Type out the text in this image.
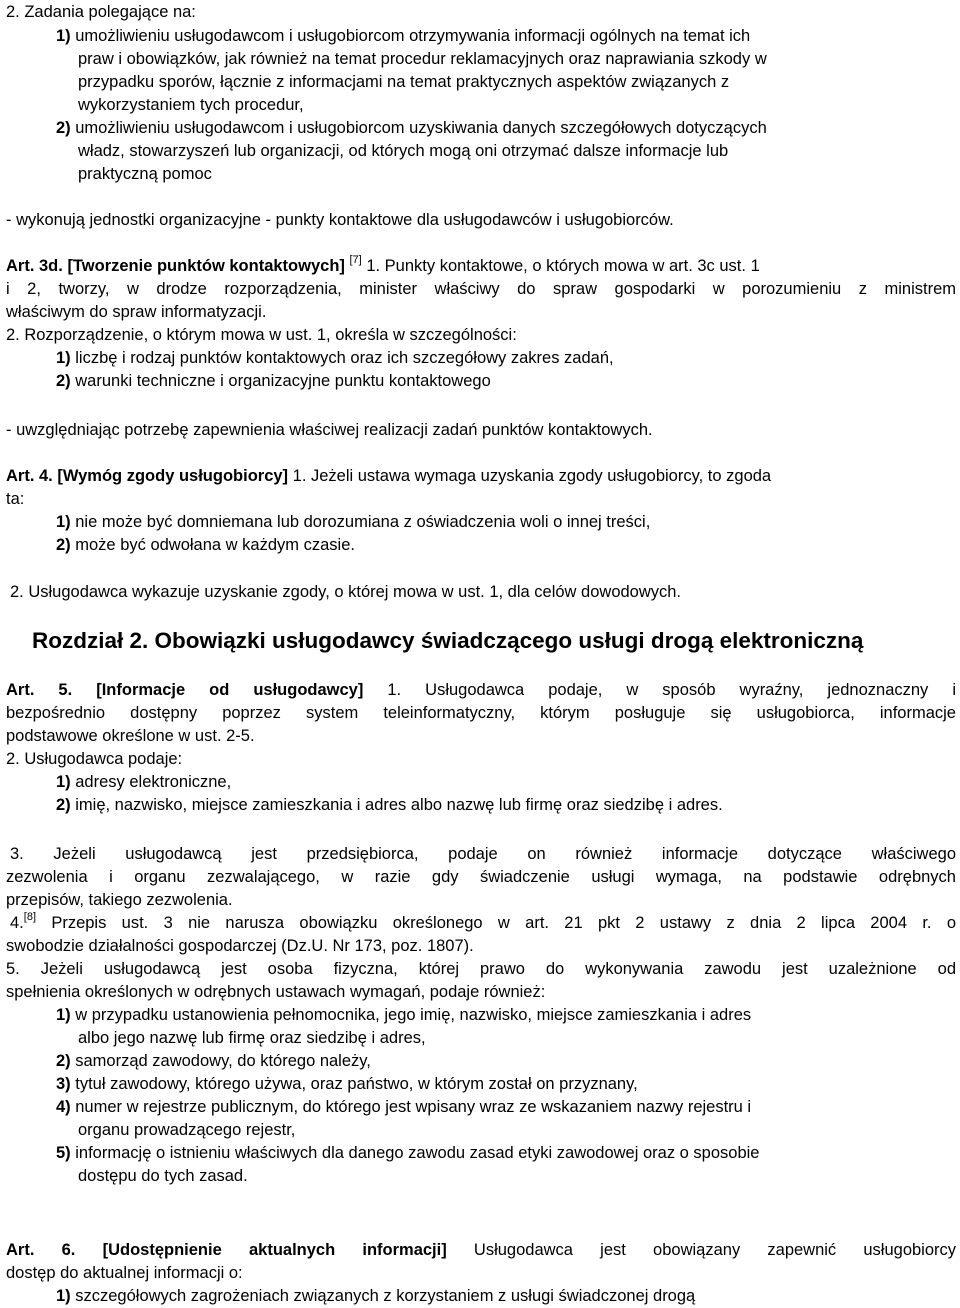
2. Zadania polegające na:
1) umożliwieniu usługodawcom i usługobiorcom otrzymywania informacji ogólnych na temat ich
praw i obowiązków, jak również na temat procedur reklamacyjnych oraz naprawiania szkody w
przypadku sporów, łącznie z informacjami na temat praktycznych aspektów związanych z
wykorzystaniem tych procedur,
2) umożliwieniu usługodawcom i usługobiorcom uzyskiwania danych szczegółowych dotyczących
władz, stowarzyszeń lub organizacji, od których mogą oni otrzymać dalsze informacje lub
praktyczną pomoc
- wykonują jednostki organizacyjne - punkty kontaktowe dla usługodawców i usługobiorców.
Art. 3d. [Tworzenie punktów kontaktowych] [7] 1. Punkty kontaktowe, o których mowa w art. 3c ust. 1
i 2, tworzy, w drodze rozporządzenia, minister właściwy do spraw gospodarki w porozumieniu z ministrem
właściwym do spraw informatyzacji.
2. Rozporządzenie, o którym mowa w ust. 1, określa w szczególności:
1) liczbę i rodzaj punktów kontaktowych oraz ich szczegółowy zakres zadań,
2) warunki techniczne i organizacyjne punktu kontaktowego
- uwzględniając potrzebę zapewnienia właściwej realizacji zadań punktów kontaktowych.
Art. 4. [Wymóg zgody usługobiorcy] 1. Jeżeli ustawa wymaga uzyskania zgody usługobiorcy, to zgoda
ta:
1) nie może być domniemana lub dorozumiana z oświadczenia woli o innej treści,
2) może być odwołana w każdym czasie.
2. Usługodawca wykazuje uzyskanie zgody, o której mowa w ust. 1, dla celów dowodowych.
Rozdział 2. Obowiązki usługodawcy świadczącego usługi drogą elektroniczną
Art. 5. [Informacje od usługodawcy] 1. Usługodawca podaje, w sposób wyraźny, jednoznaczny i
bezpośrednio dostępny poprzez system teleinformatyczny, którym posługuje się usługobiorca, informacje
podstawowe określone w ust. 2-5.
2. Usługodawca podaje:
1) adresy elektroniczne,
2) imię, nazwisko, miejsce zamieszkania i adres albo nazwę lub firmę oraz siedzibę i adres.
3. Jeżeli usługodawcą jest przedsiębiorca, podaje on również informacje dotyczące właściwego
zezwolenia i organu zezwalającego, w razie gdy świadczenie usługi wymaga, na podstawie odrębnych
przepisów, takiego zezwolenia.
4.[8] Przepis ust. 3 nie narusza obowiązku określonego w art. 21 pkt 2 ustawy z dnia 2 lipca 2004 r. o
swobodzie działalności gospodarczej (Dz.U. Nr 173, poz. 1807).
5. Jeżeli usługodawcą jest osoba fizyczna, której prawo do wykonywania zawodu jest uzależnione od
spełnienia określonych w odrębnych ustawach wymagań, podaje również:
1) w przypadku ustanowienia pełnomocnika, jego imię, nazwisko, miejsce zamieszkania i adres
albo jego nazwę lub firmę oraz siedzibę i adres,
2) samorząd zawodowy, do którego należy,
3) tytuł zawodowy, którego używa, oraz państwo, w którym został on przyznany,
4) numer w rejestrze publicznym, do którego jest wpisany wraz ze wskazaniem nazwy rejestru i
organu prowadzącego rejestr,
5) informację o istnieniu właściwych dla danego zawodu zasad etyki zawodowej oraz o sposobie
dostępu do tych zasad.
Art. 6. [Udostępnienie aktualnych informacji] Usługodawca jest obowiązany zapewnić usługobiorcy
dostęp do aktualnej informacji o:
1) szczegółowych zagrożeniach związanych z korzystaniem z usługi świadczonej drogą
